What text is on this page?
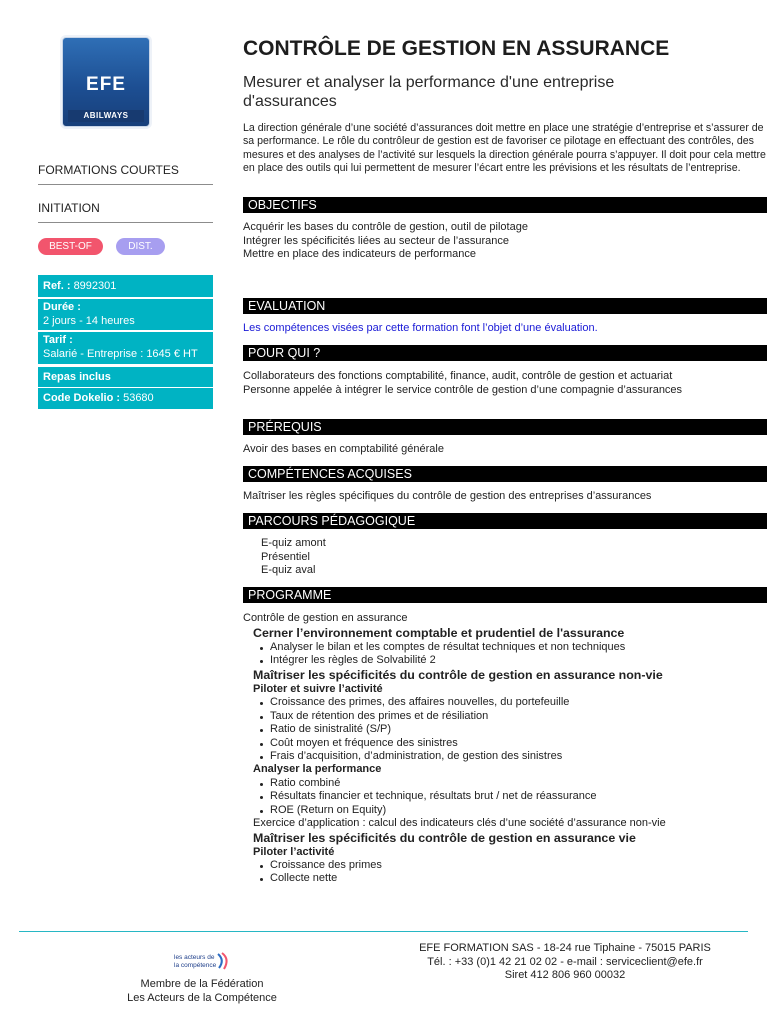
EFE
ABILWAYS
FORMATIONS COURTES
INITIATION
BEST-OF	DIST.
Ref. : 8992301
Durée :
2 jours - 14 heures
Tarif :
Salarié - Entreprise : 1645 € HT
Repas inclus
Code Dokelio : 53680
CONTRÔLE DE GESTION EN ASSURANCE
Mesurer et analyser la performance d'une entreprise d'assurances
La direction générale d’une société d’assurances doit mettre en place une stratégie d’entreprise et s’assurer de sa performance. Le rôle du contrôleur de gestion est de favoriser ce pilotage en effectuant des contrôles, des mesures et des analyses de l’activité sur lesquels la direction générale pourra s’appuyer. Il doit pour cela mettre en place des outils qui lui permettent de mesurer l’écart entre les prévisions et les résultats de l’entreprise.
OBJECTIFS
Acquérir les bases du contrôle de gestion, outil de pilotage
Intégrer les spécificités liées au secteur de l’assurance
Mettre en place des indicateurs de performance
EVALUATION
Les compétences visées par cette formation font l’objet d’une évaluation.
POUR QUI ?
Collaborateurs des fonctions comptabilité, finance, audit, contrôle de gestion et actuariat
Personne appelée à intégrer le service contrôle de gestion d’une compagnie d’assurances
PRÉREQUIS
Avoir des bases en comptabilité générale
COMPÉTENCES ACQUISES
Maîtriser les règles spécifiques du contrôle de gestion des entreprises d’assurances
PARCOURS PÉDAGOGIQUE
E-quiz amont
Présentiel
E-quiz aval
PROGRAMME
Contrôle de gestion en assurance
Cerner l’environnement comptable et prudentiel de l'assurance
Analyser le bilan et les comptes de résultat techniques et non techniques
Intégrer les règles de Solvabilité 2
Maîtriser les spécificités du contrôle de gestion en assurance non-vie
Piloter et suivre l’activité
Croissance des primes, des affaires nouvelles, du portefeuille
Taux de rétention des primes et de résiliation
Ratio de sinistralité (S/P)
Coût moyen et fréquence des sinistres
Frais d’acquisition, d’administration, de gestion des sinistres
Analyser la performance
Ratio combiné
Résultats financier et technique, résultats brut / net de réassurance
ROE (Return on Equity)
Exercice d’application : calcul des indicateurs clés d’une société d’assurance non-vie
Maîtriser les spécificités du contrôle de gestion en assurance vie
Piloter l’activité
Croissance des primes
Collecte nette
les acteurs de
la compétence
Membre de la Fédération
Les Acteurs de la Compétence
EFE FORMATION SAS - 18-24 rue Tiphaine - 75015 PARIS
Tél. : +33 (0)1 42 21 02 02 - e-mail : serviceclient@efe.fr
Siret 412 806 960 00032
